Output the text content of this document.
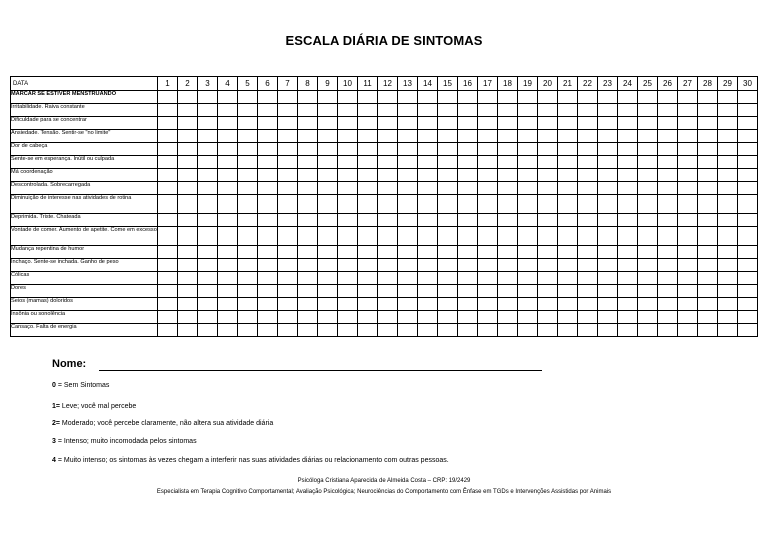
ESCALA DIÁRIA DE SINTOMAS
DATA	1	2	3	4	5	6	7	8	9	10	11	12	13	14	15	16	17	18	19	20	21	22	23	24	25	26	27	28	29	30
MARCAR SE ESTIVER MENSTRUANDO																														
Irritabilidade. Raiva constante																														
Dificuldade para se concentrar																														
Ansiedade. Tensão. Sentir-se "no limite"																														
Dor de cabeça																														
Sente-se em esperança. Inútil ou culpada																														
Má coordenação																														
Descontrolada. Sobrecarregada																														
Diminuição de interesse nas atividades de rotina																														
Deprimida. Triste. Chateada																														
Vontade de comer. Aumento de apetite. Come em excesso																														
Mudança repentina de humor																														
Inchaço. Sente-se inchada. Ganho de peso																														
Cólicas																														
Dores																														
Seios (mamas) doloridos																														
Insônia ou sonolência																														
Cansaço. Falta de energia																														
Nome:
0 = Sem Sintomas
1= Leve; você mal percebe
2= Moderado; você percebe claramente, não altera sua atividade diária
3 = Intenso; muito incomodada pelos sintomas
4 = Muito intenso; os sintomas às vezes chegam a interferir nas suas atividades diárias ou relacionamento com outras pessoas.
Psicóloga Cristiana Aparecida de Almeida Costa – CRP: 19/2429
Especialista em Terapia Cognitivo Comportamental; Avaliação Psicológica; Neurociências do Comportamento com Ênfase em TGDs e Intervenções Assistidas por Animais
